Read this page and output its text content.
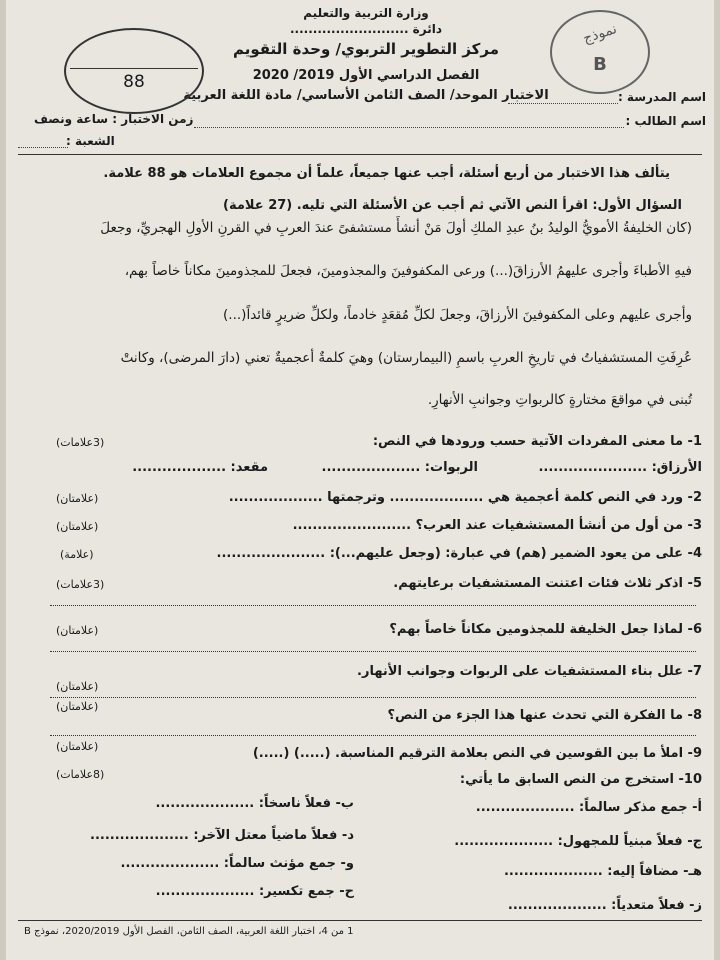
وزارة التربية والتعليم
دائرة ..........................
مركز التطوير التربوي/ وحدة التقويم
الفصل الدراسي الأول 2019/ 2020
الاختبار الموحد/ الصف الثامن الأساسي/ مادة اللغة العربية
88
نموذج
B
اسم المدرسة :
اسم الطالب :
زمن الاختبار : ساعة ونصف
الشعبة :
يتألف هذا الاختبار من أربع أسئلة، أجب عنها جميعاً، علماً أن مجموع العلامات هو 88 علامة.
السؤال الأول: اقرأ النص الآتي ثم أجب عن الأسئلة التي تليه. (27 علامة)
(كان الخليفةُ الأمويُّ الوليدُ بنُ عبدِ الملكِ أولَ مَنْ أنشأَ مستشفىً عندَ العربِ في القرنِ الأولِ الهجريِّ، وجعلَ
فيهِ الأطباءَ وأجرى عليهمُ الأرزاقَ(...) ورعى المكفوفينَ والمجذومينَ، فجعلَ للمجذومينَ مكاناً خاصاً بهم،
وأجرى عليهم وعلى المكفوفينَ الأرزاقَ، وجعلَ لكلِّ مُقعَدٍ خادماً، ولكلِّ ضريرٍ قائداً(...)
عُرِفَتِ المستشفياتُ في تاريخِ العربِ باسمِ (البيمارستان) وهيَ كلمةٌ أعجميةٌ تعني (دارَ المرضى)، وكانتْ
تُبنى في مواقعَ مختارةٍ كالربواتِ وجوانبِ الأنهارِ.
1- ما معنى المفردات الآتية حسب ورودها في النص:
(3علامات)
الأرزاق: ......................
الربوات: ....................
مقعد: ...................
2- ورد في النص كلمة أعجمية هي ................... وترجمتها ...................
(علامتان)
3- من أول من أنشأ المستشفيات عند العرب؟ ........................
(علامتان)
4- على من يعود الضمير (هم) في عبارة: (وجعل عليهم...): ......................
(علامة)
5- اذكر ثلاث فئات اعتنت المستشفيات برعايتهم.
(3علامات)
6- لماذا جعل الخليفة للمجذومين مكاناً خاصاً بهم؟
(علامتان)
7- علل بناء المستشفيات على الربوات وجوانب الأنهار.
(علامتان)
8- ما الفكرة التي تحدث عنها هذا الجزء من النص؟
(علامتان)
9- املأ ما بين القوسين في النص بعلامة الترقيم المناسبة. (.....) (.....)
(علامتان)
10- استخرج من النص السابق ما يأتي:
(8علامات)
أ- جمع مذكر سالماً: ....................
ب- فعلاً ناسخاً: ....................
ج- فعلاً مبنياً للمجهول: ....................
د- فعلاً ماضياً معتل الآخر: ....................
هـ- مضافاً إليه: ....................
و- جمع مؤنث سالماً: ....................
ز- فعلاً متعدياً: ....................
ح- جمع تكسير: ....................
1 من 4، اختبار اللغة العربية، الصف الثامن، الفصل الأول 2020/2019، نموذج B
